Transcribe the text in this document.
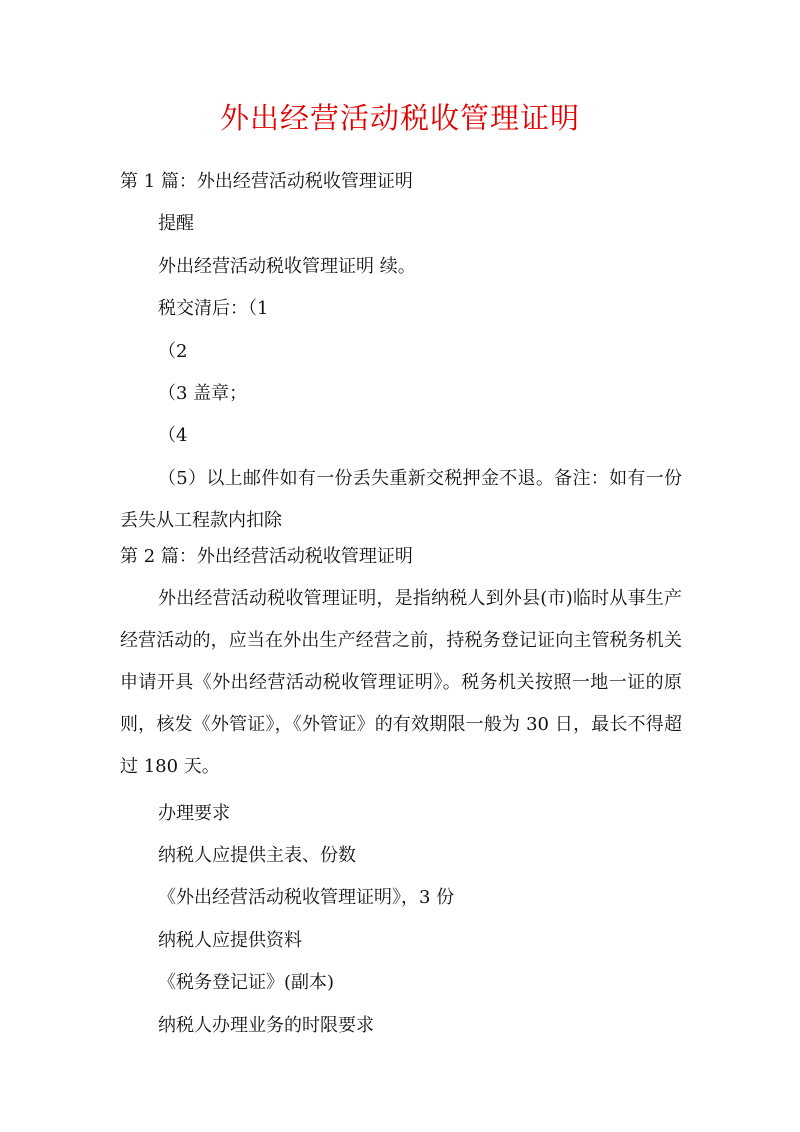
外出经营活动税收管理证明
第 1 篇：外出经营活动税收管理证明
提醒
外出经营活动税收管理证明 续。
税交清后：（1
（2
（3 盖章；
（4
（5）以上邮件如有一份丢失重新交税押金不退。备注：如有一份丢失从工程款内扣除
第 2 篇：外出经营活动税收管理证明
外出经营活动税收管理证明，是指纳税人到外县(市)临时从事生产经营活动的，应当在外出生产经营之前，持税务登记证向主管税务机关申请开具《外出经营活动税收管理证明》。税务机关按照一地一证的原则，核发《外管证》，《外管证》的有效期限一般为 30 日，最长不得超过 180 天。
办理要求
纳税人应提供主表、份数
《外出经营活动税收管理证明》，3 份
纳税人应提供资料
《税务登记证》(副本)
纳税人办理业务的时限要求
